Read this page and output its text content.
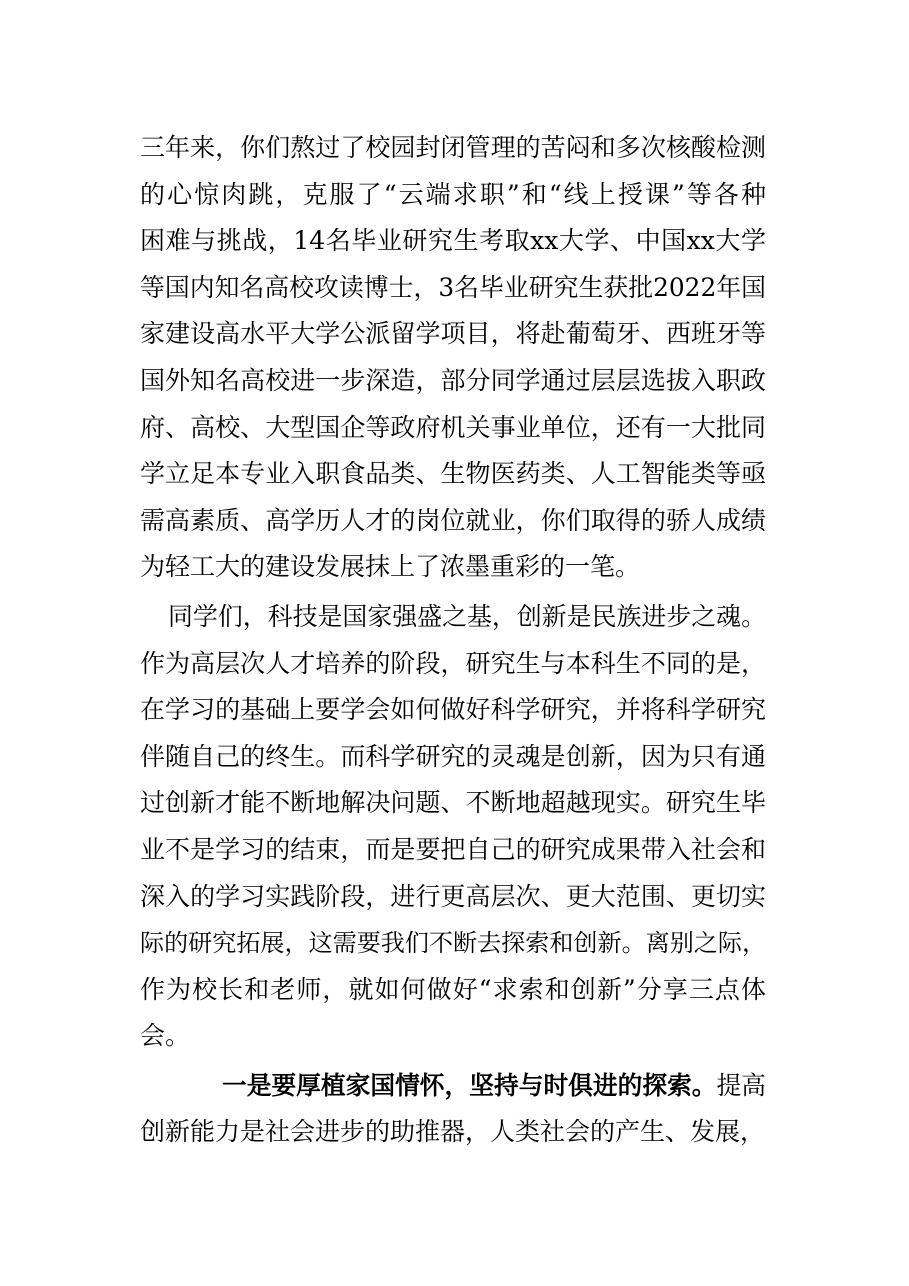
三年来，你们熬过了校园封闭管理的苦闷和多次核酸检测
的心惊肉跳，克服了“云端求职”和“线上授课”等各种
困难与挑战，14名毕业研究生考取xx大学、中国xx大学
等国内知名高校攻读博士，3名毕业研究生获批2022年国
家建设高水平大学公派留学项目，将赴葡萄牙、西班牙等
国外知名高校进一步深造，部分同学通过层层选拔入职政
府、高校、大型国企等政府机关事业单位，还有一大批同
学立足本专业入职食品类、生物医药类、人工智能类等亟
需高素质、高学历人才的岗位就业，你们取得的骄人成绩
为轻工大的建设发展抹上了浓墨重彩的一笔。
同学们，科技是国家强盛之基，创新是民族进步之魂。
作为高层次人才培养的阶段，研究生与本科生不同的是，
在学习的基础上要学会如何做好科学研究，并将科学研究
伴随自己的终生。而科学研究的灵魂是创新，因为只有通
过创新才能不断地解决问题、不断地超越现实。研究生毕
业不是学习的结束，而是要把自己的研究成果带入社会和
深入的学习实践阶段，进行更高层次、更大范围、更切实
际的研究拓展，这需要我们不断去探索和创新。离别之际，
作为校长和老师，就如何做好“求索和创新”分享三点体
会。
一是要厚植家国情怀，坚持与时俱进的探索。提高
创新能力是社会进步的助推器，人类社会的产生、发展，
